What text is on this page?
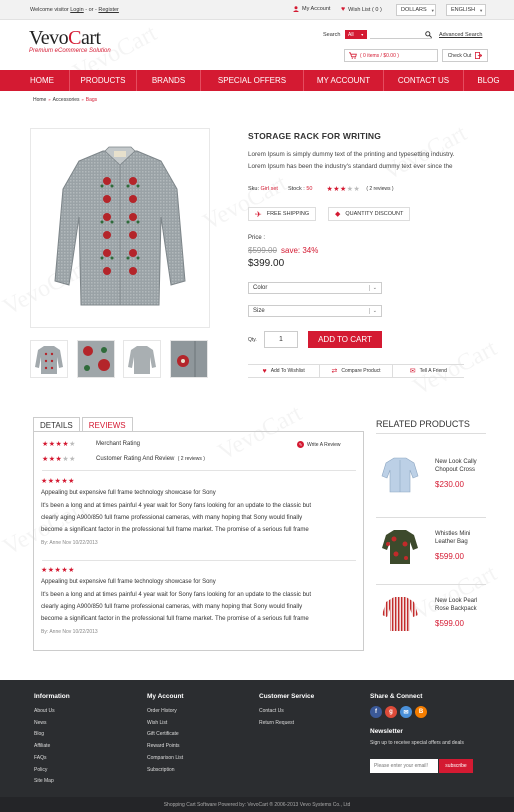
Welcome visitor Login - or - Register	My Account ♥ Wish List ( 0 )	DOLLARS ▼	ENGLISH ▼
VevoCart
Premium eCommerce Solution
Search All ▼	Advanced Search
( 0 items / $0.00 )	Check Out
HOME	PRODUCTS	BRANDS	SPECIAL OFFERS	MY ACCOUNT	CONTACT US	BLOG
Home » Accessories » Bags
STORAGE RACK FOR WRITING
Lorem Ipsum is simply dummy text of the printing and typesetting industry.
Lorem Ipsum has been the industry's standard dummy text ever since the
Sku:
Girl set Stock :
50 ★★★★★ ( 2 reviews )
✈ FREE SHIPPING	◆ QUANTITY DISCOUNT
Price :
$599.00 save: 34%
$399.00
Color	⌄
Size	⌄
Qty.	1	ADD TO CART
♥ Add To Wishlist	⇄ Compare Product	✉ Tell A Friend
DETAILS	REVIEWS
★★★★★	Merchant Rating
★★★★★	Customer Rating And Review
( 2 reviews )
✎ Write A Review
★★★★★
Appealing but expensive full frame technology showcase for Sony
It's been a long and at times painful 4 year wait for Sony fans looking for an update to the classic but
clearly aging A900/850 full frame professional cameras, with many hoping that Sony would finally
become a significant factor in the professional full frame market. The promise of a serious full frame
By: Anne Nov 10/22/2013
★★★★★
Appealing but expensive full frame technology showcase for Sony
It's been a long and at times painful 4 year wait for Sony fans looking for an update to the classic but
clearly aging A900/850 full frame professional cameras, with many hoping that Sony would finally
become a significant factor in the professional full frame market. The promise of a serious full frame
By: Anne Nov 10/22/2013
RELATED PRODUCTS
New Look Cally
Chopout Cross
$230.00
Whistles Mini
Leather Bag
$599.00
New Look Pearl
Rose Backpack
$599.00
Information
About Us
News
Blog
Affiliate
FAQs
Policy
Site Map
My Account
Order History
Wish List
Gift Certificate
Reward Points
Comparison List
Subscription
Customer Service
Contact Us
Return Request
Share & Connect
f	g	✉	B
Newsletter
Sign up to receive special offers and deals
Please enter your email!
subscribe
Shopping Cart Software Powered by: VevoCart ® 2006-2013 Vevo Systems Co., Ltd
